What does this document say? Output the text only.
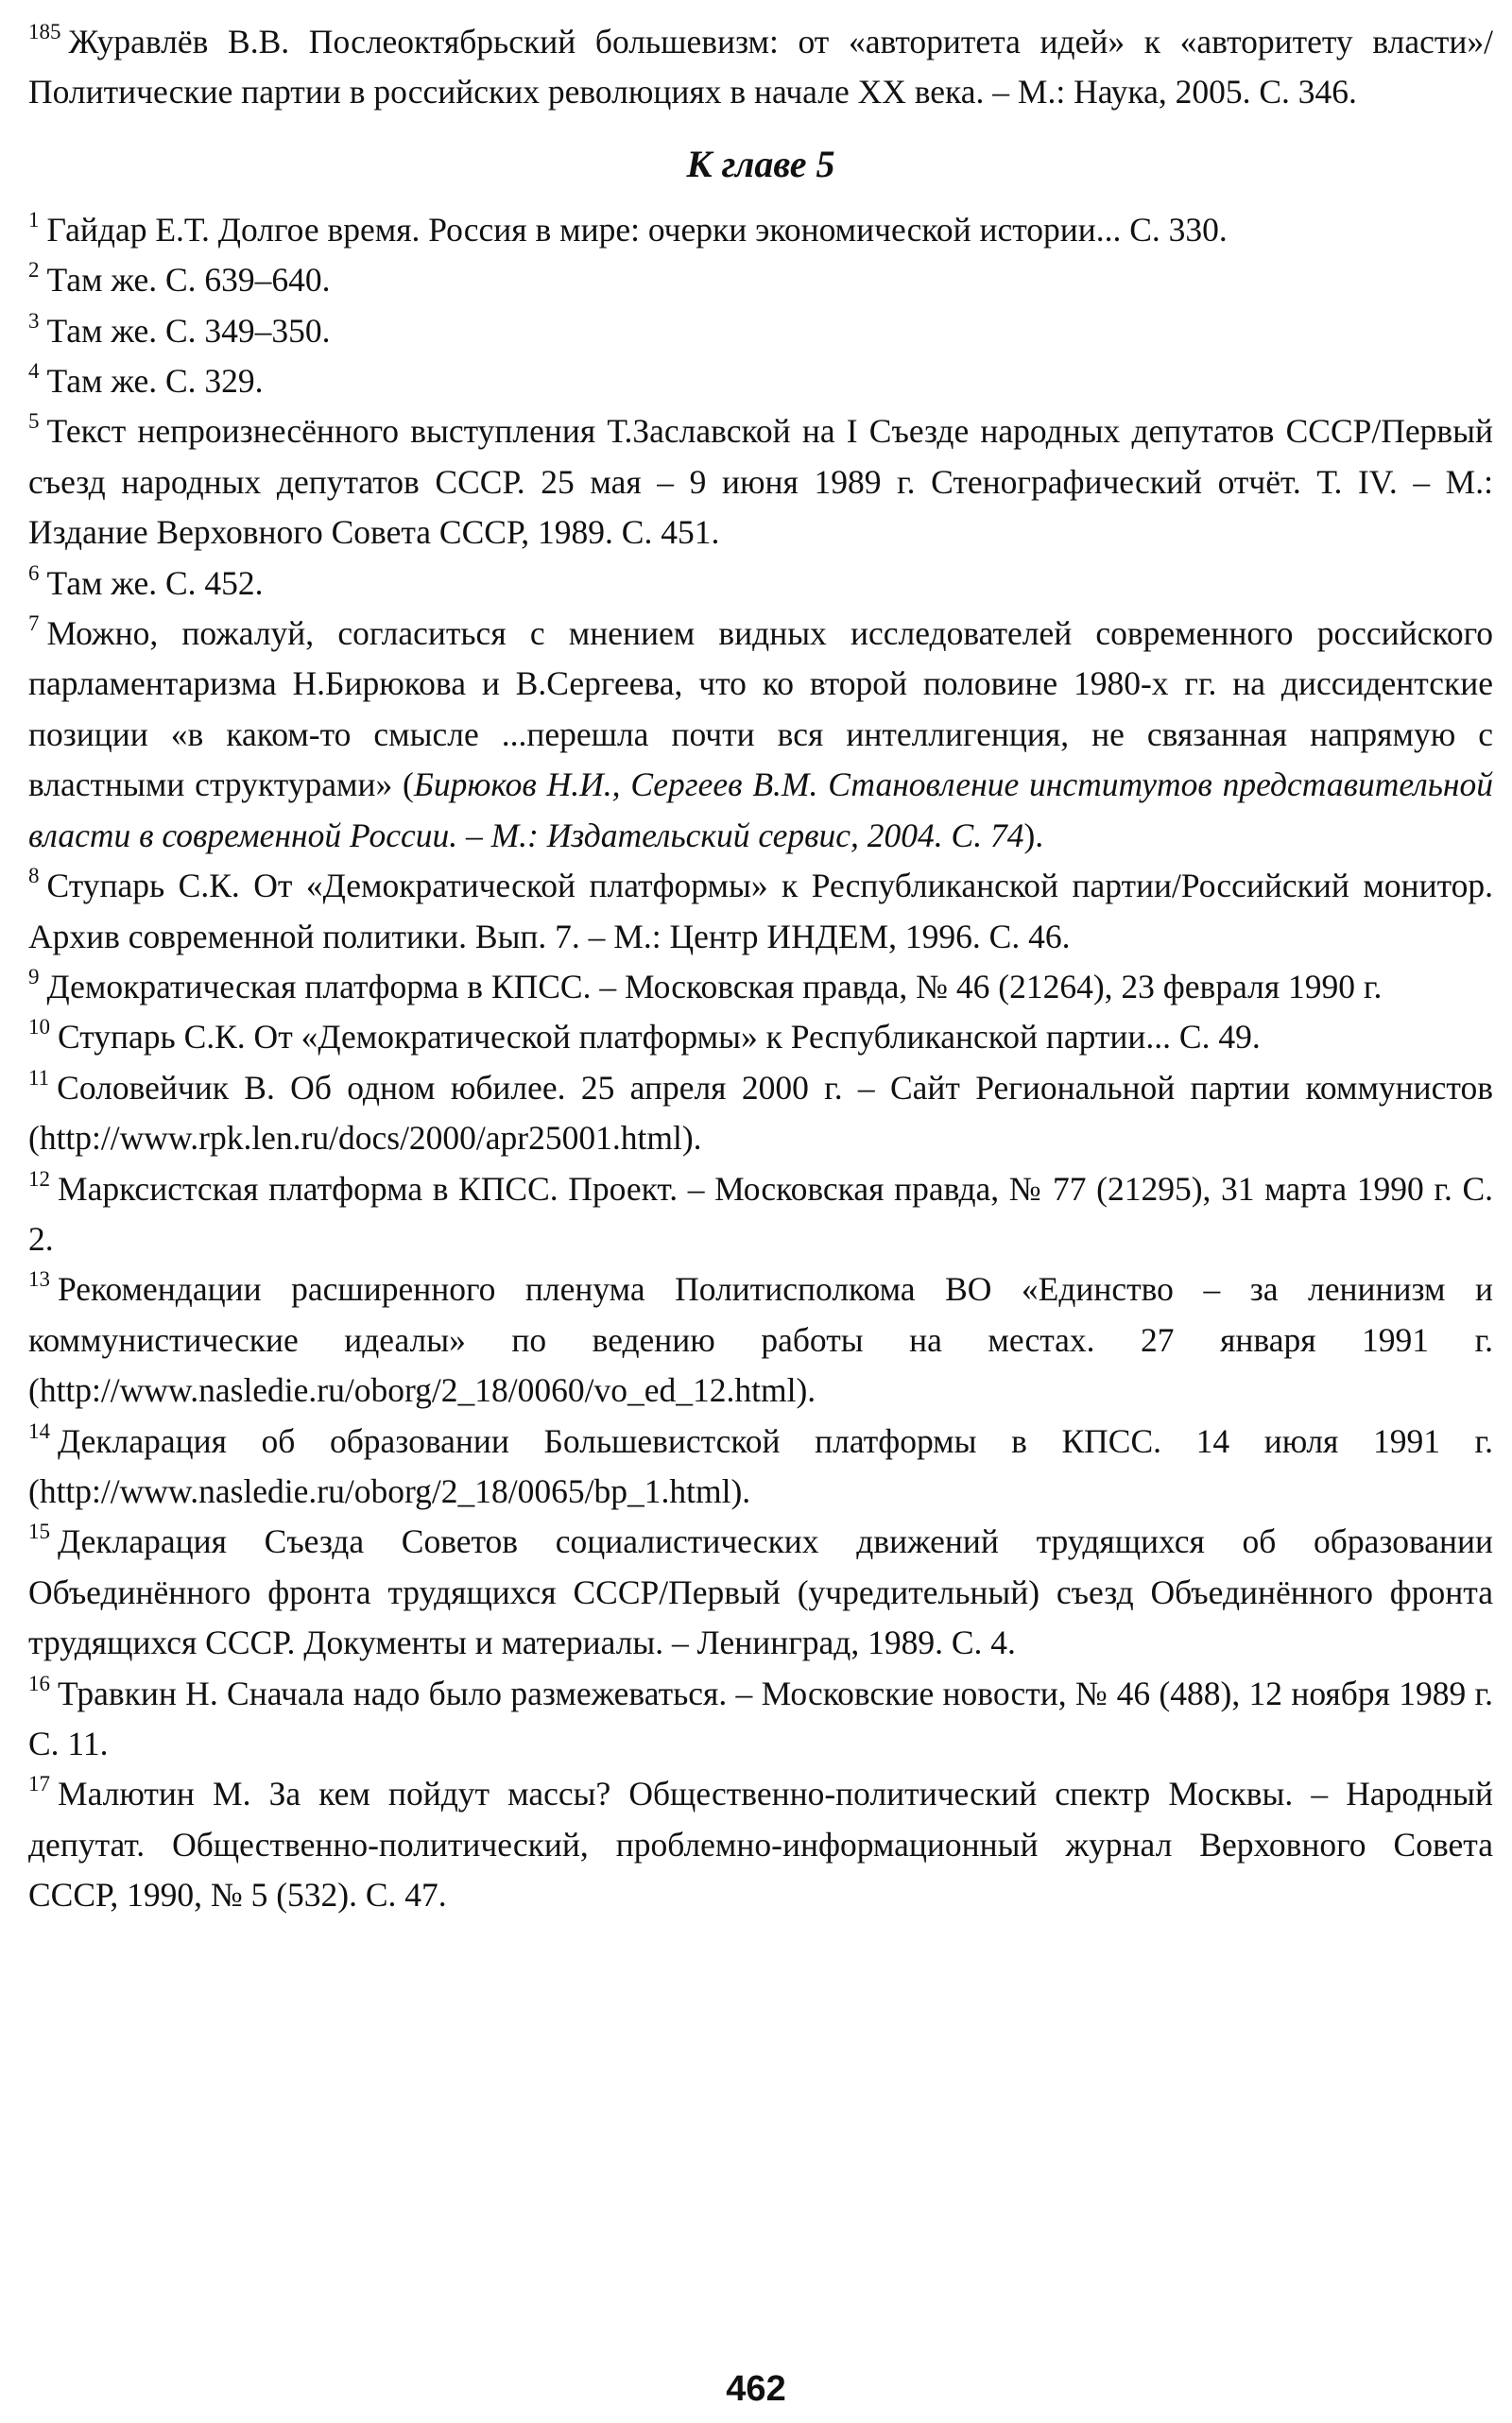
$^{185}$ Журавлёв В.В. Послеоктябрьский большевизм: от «авторитета идей» к «авторитету власти»/Политические партии в российских революциях в начале XX века. – М.: Наука, 2005. С. 346.

К главе 5

$^1$ Гайдар Е.Т. Долгое время. Россия в мире: очерки экономической истории... С. 330.

$^2$ Там же. С. 639–640.

$^3$ Там же. С. 349–350.

$^4$ Там же. С. 329.

$^5$ Текст непроизнесённого выступления Т.Заславской на I Съезде народных депутатов СССР/Первый съезд народных депутатов СССР. 25 мая – 9 июня 1989 г. Стенографический отчёт. Т. IV. – М.: Издание Верховного Совета СССР, 1989. С. 451.

$^6$ Там же. С. 452.

$^7$ Можно, пожалуй, согласиться с мнением видных исследователей современного российского парламентаризма Н.Бирюкова и В.Сергеева, что ко второй половине 1980-х гг. на диссидентские позиции «в каком-то смысле ...перешла почти вся интеллигенция, не связанная напрямую с властными структурами» (Бирюков Н.И., Сергеев В.М. Становление институтов представительной власти в современной России. – М.: Издательский сервис, 2004. С. 74).

$^8$ Ступарь С.К. От «Демократической платформы» к Республиканской партии/Российский монитор. Архив современной политики. Вып. 7. – М.: Центр ИНДЕМ, 1996. С. 46.

$^9$ Демократическая платформа в КПСС. – Московская правда, № 46 (21264), 23 февраля 1990 г.

$^{10}$ Ступарь С.К. От «Демократической платформы» к Республиканской партии... С. 49.

$^{11}$ Соловейчик В. Об одном юбилее. 25 апреля 2000 г. – Сайт Региональной партии коммунистов (http://www.rpk.len.ru/docs/2000/apr25001.html).

$^{12}$ Марксистская платформа в КПСС. Проект. – Московская правда, № 77 (21295), 31 марта 1990 г. С. 2.

$^{13}$ Рекомендации расширенного пленума Политисполкома ВО «Единство – за ленинизм и коммунистические идеалы» по ведению работы на местах. 27 января 1991 г. (http://www.nasledie.ru/oborg/2_18/0060/vo_ed_12.html).

$^{14}$ Декларация об образовании Большевистской платформы в КПСС. 14 июля 1991 г. (http://www.nasledie.ru/oborg/2_18/0065/bp_1.html).

$^{15}$ Декларация Съезда Советов социалистических движений трудящихся об образовании Объединённого фронта трудящихся СССР/Первый (учредительный) съезд Объединённого фронта трудящихся СССР. Документы и материалы. – Ленинград, 1989. С. 4.

$^{16}$ Травкин Н. Сначала надо было размежеваться. – Московские новости, № 46 (488), 12 ноября 1989 г. С. 11.

$^{17}$ Малютин М. За кем пойдут массы? Общественно-политический спектр Москвы. – Народный депутат. Общественно-политический, проблемно-информационный журнал Верховного Совета СССР, 1990, № 5 (532). С. 47.

462
